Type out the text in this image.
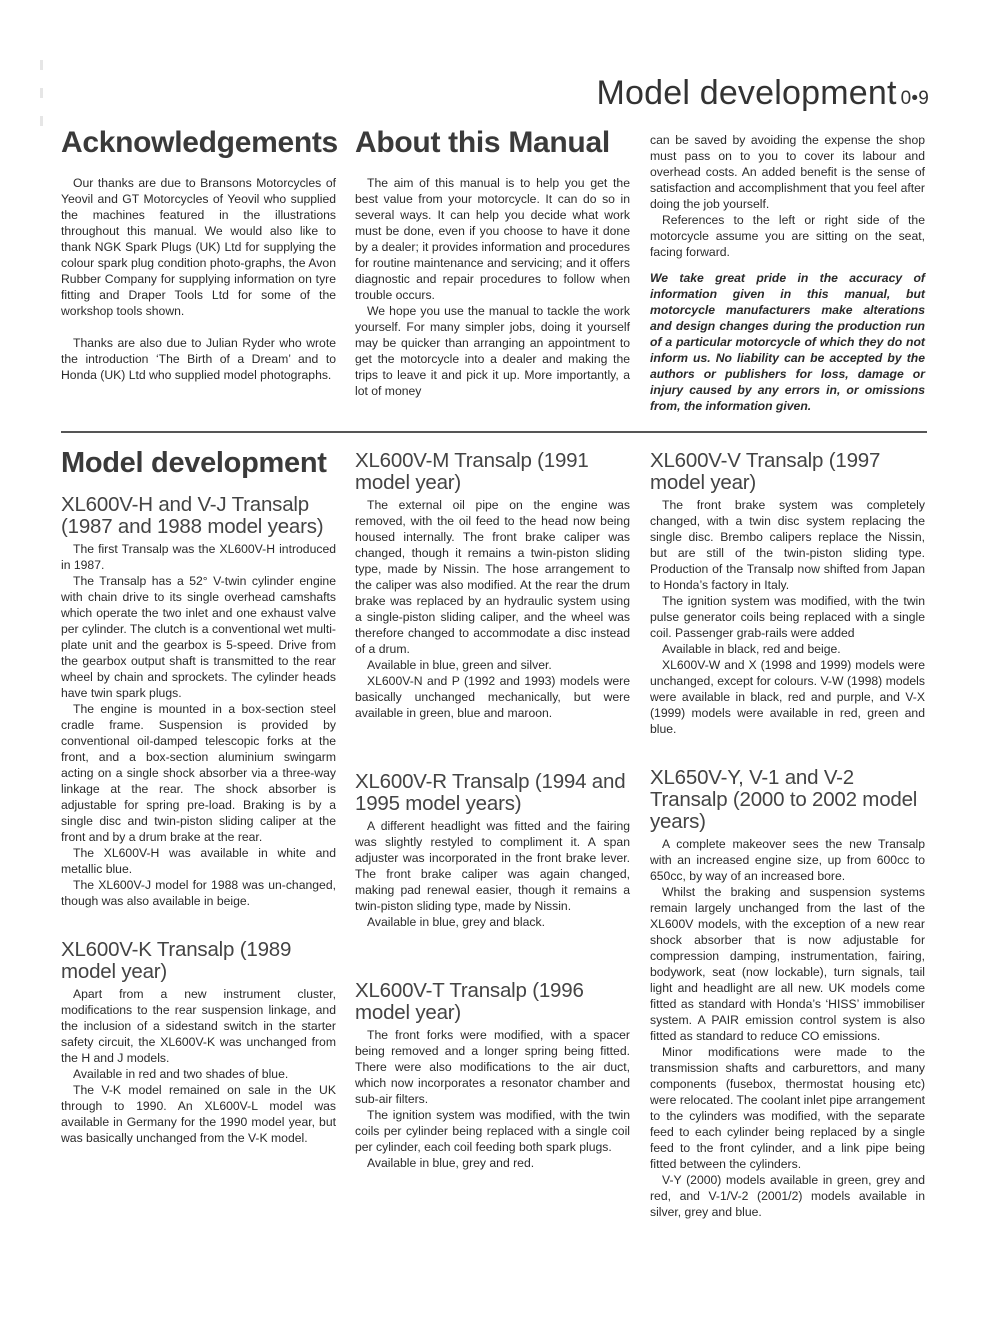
Model development 0•9
Acknowledgements

Our thanks are due to Bransons Motorcycles of Yeovil and GT Motorcycles of Yeovil who supplied the machines featured in the illustrations throughout this manual. We would also like to thank NGK Spark Plugs (UK) Ltd for supplying the colour spark plug condition photo-graphs, the Avon Rubber Company for supplying information on tyre fitting and Draper Tools Ltd for some of the workshop tools shown.

Thanks are also due to Julian Ryder who wrote the introduction ‘The Birth of a Dream’ and to Honda (UK) Ltd who supplied model photographs.

About this Manual

The aim of this manual is to help you get the best value from your motorcycle. It can do so in several ways. It can help you decide what work must be done, even if you choose to have it done by a dealer; it provides information and procedures for routine maintenance and servicing; and it offers diagnostic and repair procedures to follow when trouble occurs.

We hope you use the manual to tackle the work yourself. For many simpler jobs, doing it yourself may be quicker than arranging an appointment to get the motorcycle into a dealer and making the trips to leave it and pick it up. More importantly, a lot of money

can be saved by avoiding the expense the shop must pass on to you to cover its labour and overhead costs. An added benefit is the sense of satisfaction and accomplishment that you feel after doing the job yourself.

References to the left or right side of the motorcycle assume you are sitting on the seat, facing forward.

We take great pride in the accuracy of information given in this manual, but motorcycle manufacturers make alterations and design changes during the production run of a particular motorcycle of which they do not inform us. No liability can be accepted by the authors or publishers for loss, damage or injury caused by any errors in, or omissions from, the information given.

Model development
XL600V-H and V-J Transalp (1987 and 1988 model years)

The first Transalp was the XL600V-H introduced in 1987.

The Transalp has a 52° V-twin cylinder engine with chain drive to its single overhead camshafts which operate the two inlet and one exhaust valve per cylinder. The clutch is a conventional wet multi-plate unit and the gearbox is 5-speed. Drive from the gearbox output shaft is transmitted to the rear wheel by chain and sprockets. The cylinder heads have twin spark plugs.

The engine is mounted in a box-section steel cradle frame. Suspension is provided by conventional oil-damped telescopic forks at the front, and a box-section aluminium swingarm acting on a single shock absorber via a three-way linkage at the rear. The shock absorber is adjustable for spring pre-load. Braking is by a single disc and twin-piston sliding caliper at the front and by a drum brake at the rear.

The XL600V-H was available in white and metallic blue.

The XL600V-J model for 1988 was un-changed, though was also available in beige.

XL600V-K Transalp (1989 model year)

Apart from a new instrument cluster, modifications to the rear suspension linkage, and the inclusion of a sidestand switch in the starter safety circuit, the XL600V-K was unchanged from the H and J models.

Available in red and two shades of blue.

The V-K model remained on sale in the UK through to 1990. An XL600V-L model was available in Germany for the 1990 model year, but was basically unchanged from the V-K model.

XL600V-M Transalp (1991 model year)

The external oil pipe on the engine was removed, with the oil feed to the head now being housed internally. The front brake caliper was changed, though it remains a twin-piston sliding type, made by Nissin. The hose arrangement to the caliper was also modified. At the rear the drum brake was replaced by an hydraulic system using a single-piston sliding caliper, and the wheel was therefore changed to accommodate a disc instead of a drum.

Available in blue, green and silver.

XL600V-N and P (1992 and 1993) models were basically unchanged mechanically, but were available in green, blue and maroon.

XL600V-R Transalp (1994 and 1995 model years)

A different headlight was fitted and the fairing was slightly restyled to compliment it. A span adjuster was incorporated in the front brake lever. The front brake caliper was again changed, making pad renewal easier, though it remains a twin-piston sliding type, made by Nissin.

Available in blue, grey and black.

XL600V-T Transalp (1996 model year)

The front forks were modified, with a spacer being removed and a longer spring being fitted. There were also modifications to the air duct, which now incorporates a resonator chamber and sub-air filters.

The ignition system was modified, with the twin coils per cylinder being replaced with a single coil per cylinder, each coil feeding both spark plugs.

Available in blue, grey and red.

XL600V-V Transalp (1997 model year)

The front brake system was completely changed, with a twin disc system replacing the single disc. Brembo calipers replace the Nissin, but are still of the twin-piston sliding type. Production of the Transalp now shifted from Japan to Honda’s factory in Italy.

The ignition system was modified, with the twin pulse generator coils being replaced with a single coil. Passenger grab-rails were added

Available in black, red and beige.

XL600V-W and X (1998 and 1999) models were unchanged, except for colours. V-W (1998) models were available in black, red and purple, and V-X (1999) models were available in red, green and blue.

XL650V-Y, V-1 and V-2 Transalp (2000 to 2002 model years)

A complete makeover sees the new Transalp with an increased engine size, up from 600cc to 650cc, by way of an increased bore.

Whilst the braking and suspension systems remain largely unchanged from the last of the XL600V models, with the exception of a new rear shock absorber that is now adjustable for compression damping, instrumentation, fairing, bodywork, seat (now lockable), turn signals, tail light and headlight are all new. UK models come fitted as standard with Honda’s ‘HISS’ immobiliser system. A PAIR emission control system is also fitted as standard to reduce CO emissions.

Minor modifications were made to the transmission shafts and carburettors, and many components (fusebox, thermostat housing etc) were relocated. The coolant inlet pipe arrangement to the cylinders was modified, with the separate feed to each cylinder being replaced by a single feed to the front cylinder, and a link pipe being fitted between the cylinders.

V-Y (2000) models available in green, grey and red, and V-1/V-2 (2001/2) models available in silver, grey and blue.
